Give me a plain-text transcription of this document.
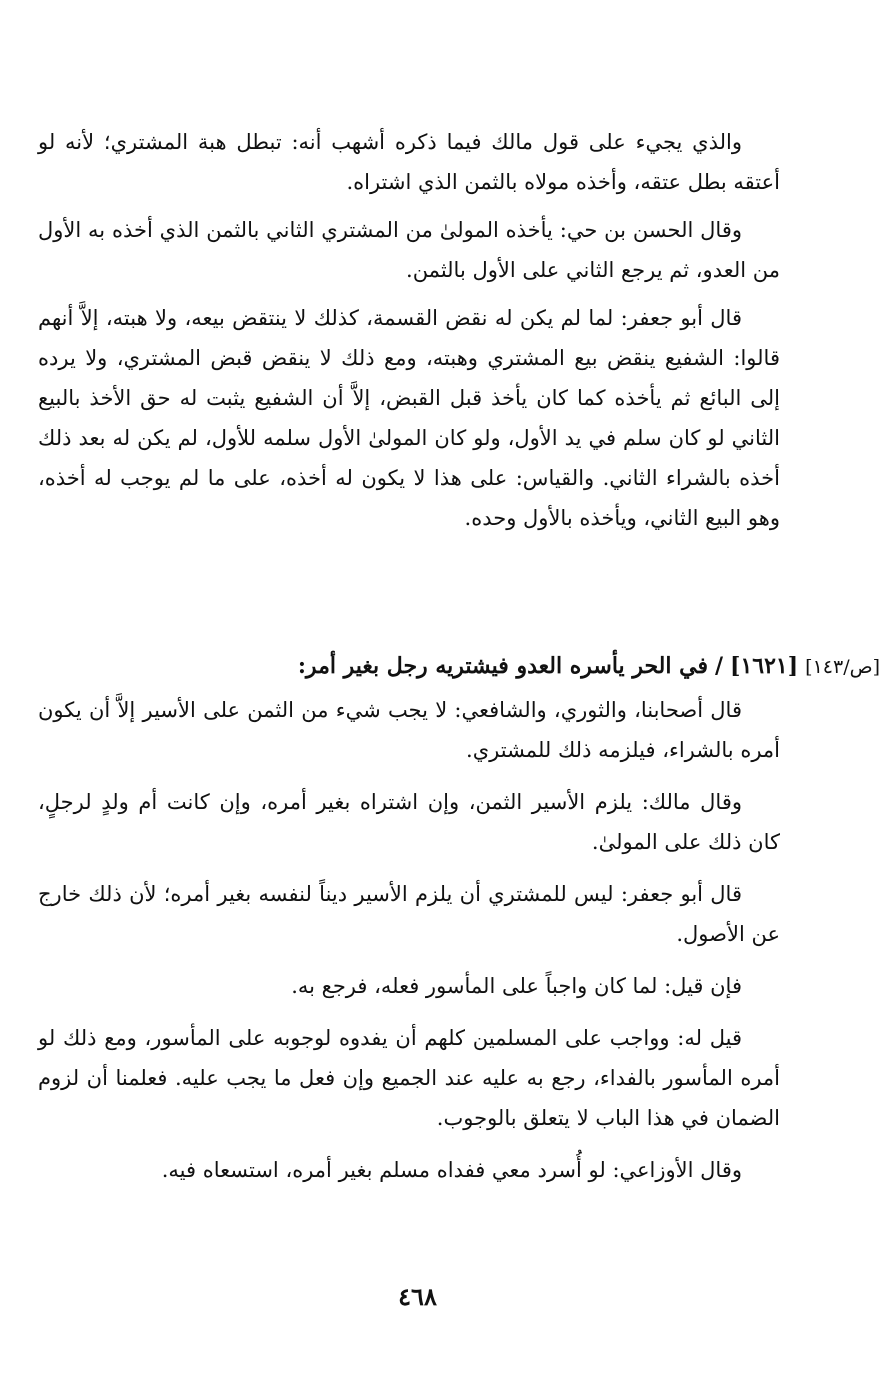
والذي يجيء على قول مالك فيما ذكره أشهب أنه: تبطل هبة المشتري؛ لأنه لو أعتقه بطل عتقه، وأخذه مولاه بالثمن الذي اشتراه.

وقال الحسن بن حي: يأخذه المولىٰ من المشتري الثاني بالثمن الذي أخذه به الأول من العدو، ثم يرجع الثاني على الأول بالثمن.

قال أبو جعفر: لما لم يكن له نقض القسمة، كذلك لا ينتقض بيعه، ولا هبته، إلاَّ أنهم قالوا: الشفيع ينقض بيع المشتري وهبته، ومع ذلك لا ينقض قبض المشتري، ولا يرده إلى البائع ثم يأخذه كما كان يأخذ قبل القبض، إلاَّ أن الشفيع يثبت له حق الأخذ بالبيع الثاني لو كان سلم في يد الأول، ولو كان المولىٰ الأول سلمه للأول، لم يكن له بعد ذلك أخذه بالشراء الثاني. والقياس: على هذا لا يكون له أخذه، على ما لم يوجب له أخذه، وهو البيع الثاني، ويأخذه بالأول وحده.

[ص/١٤٣] [١٦٢١] / في الحر يأسره العدو فيشتريه رجل بغير أمر:

قال أصحابنا، والثوري، والشافعي: لا يجب شيء من الثمن على الأسير إلاَّ أن يكون أمره بالشراء، فيلزمه ذلك للمشتري.

وقال مالك: يلزم الأسير الثمن، وإن اشتراه بغير أمره، وإن كانت أم ولدٍ لرجلٍ، كان ذلك على المولىٰ.

قال أبو جعفر: ليس للمشتري أن يلزم الأسير ديناً لنفسه بغير أمره؛ لأن ذلك خارج عن الأصول.

فإن قيل: لما كان واجباً على المأسور فعله، فرجع به.

قيل له: وواجب على المسلمين كلهم أن يفدوه لوجوبه على المأسور، ومع ذلك لو أمره المأسور بالفداء، رجع به عليه عند الجميع وإن فعل ما يجب عليه. فعلمنا أن لزوم الضمان في هذا الباب لا يتعلق بالوجوب.

وقال الأوزاعي: لو أُسرد معي ففداه مسلم بغير أمره، استسعاه فيه.

٤٦٨
